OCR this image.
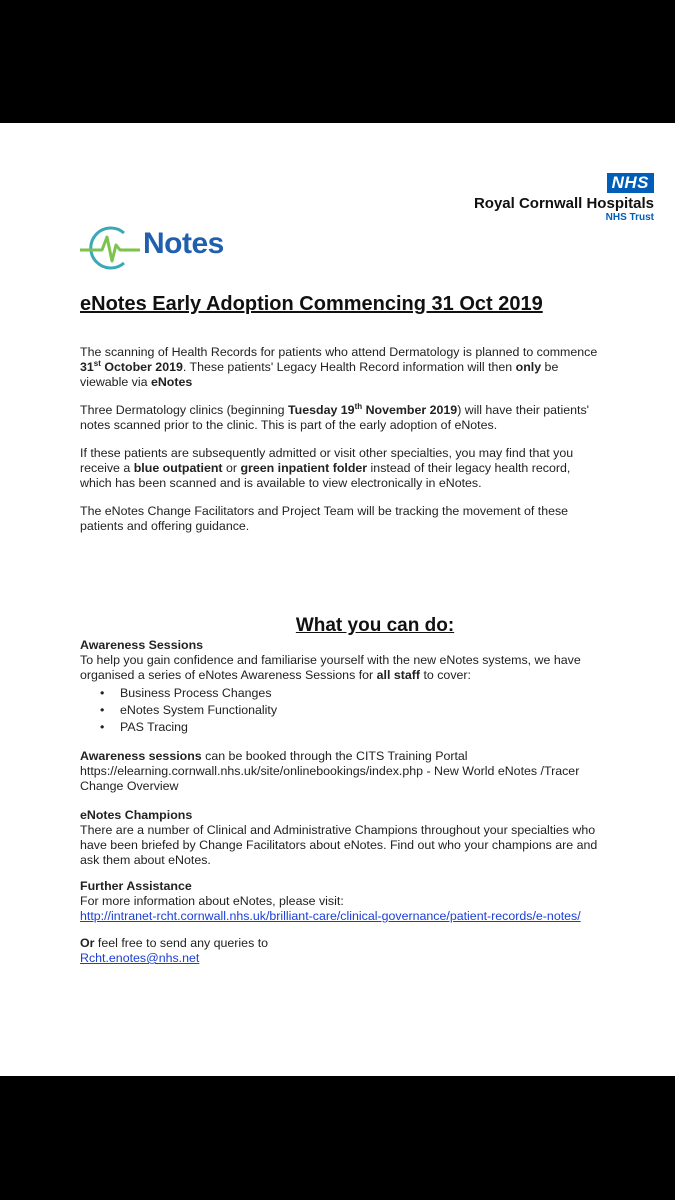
NHS
Royal Cornwall Hospitals
NHS Trust
Notes
eNotes Early Adoption Commencing 31 Oct 2019
The scanning of Health Records for patients who attend Dermatology is planned to commence 31st October 2019. These patients' Legacy Health Record information will then only be viewable via eNotes
Three Dermatology clinics (beginning Tuesday 19th November 2019) will have their patients' notes scanned prior to the clinic. This is part of the early adoption of eNotes.
If these patients are subsequently admitted or visit other specialties, you may find that you receive a blue outpatient or green inpatient folder instead of their legacy health record, which has been scanned and is available to view electronically in eNotes.
The eNotes Change Facilitators and Project Team will be tracking the movement of these patients and offering guidance.
What you can do:
Awareness Sessions
To help you gain confidence and familiarise yourself with the new eNotes systems, we have organised a series of eNotes Awareness Sessions for all staff to cover:
• Business Process Changes
• eNotes System Functionality
• PAS Tracing
Awareness sessions can be booked through the CITS Training Portal https://elearning.cornwall.nhs.uk/site/onlinebookings/index.php - New World eNotes /Tracer Change Overview
eNotes Champions
There are a number of Clinical and Administrative Champions throughout your specialties who have been briefed by Change Facilitators about eNotes. Find out who your champions are and ask them about eNotes.
Further Assistance
For more information about eNotes, please visit:
http://intranet-rcht.cornwall.nhs.uk/brilliant-care/clinical-governance/patient-records/e-notes/
Or feel free to send any queries to
Rcht.enotes@nhs.net
